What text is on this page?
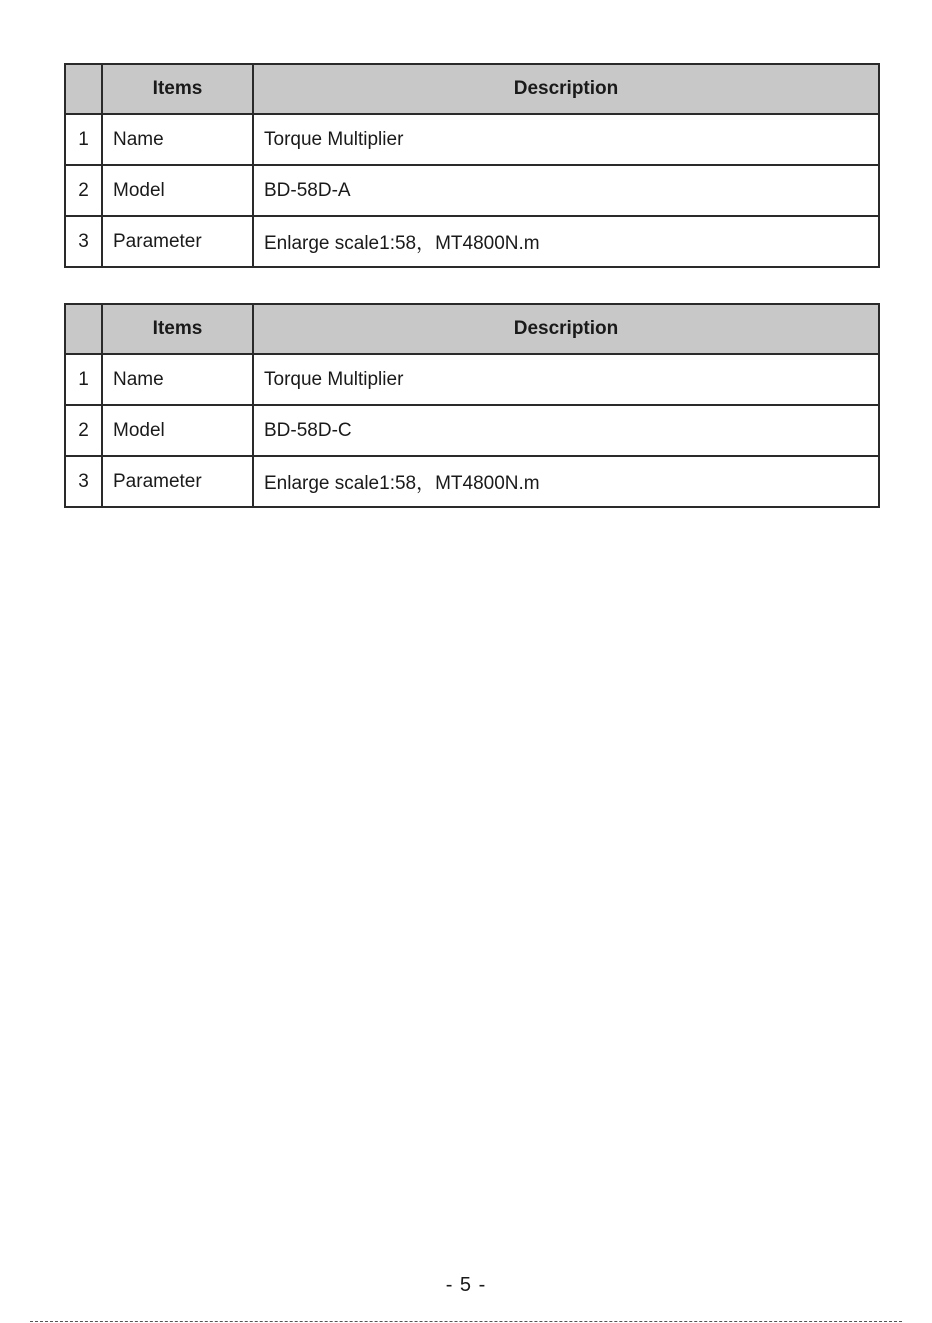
	Items	Description
1	Name	Torque Multiplier
2	Model	BD-58D-A
3	Parameter	Enlarge scale1:58，MT4800N.m
	Items	Description
1	Name	Torque Multiplier
2	Model	BD-58D-C
3	Parameter	Enlarge scale1:58，MT4800N.m
- 5 -
